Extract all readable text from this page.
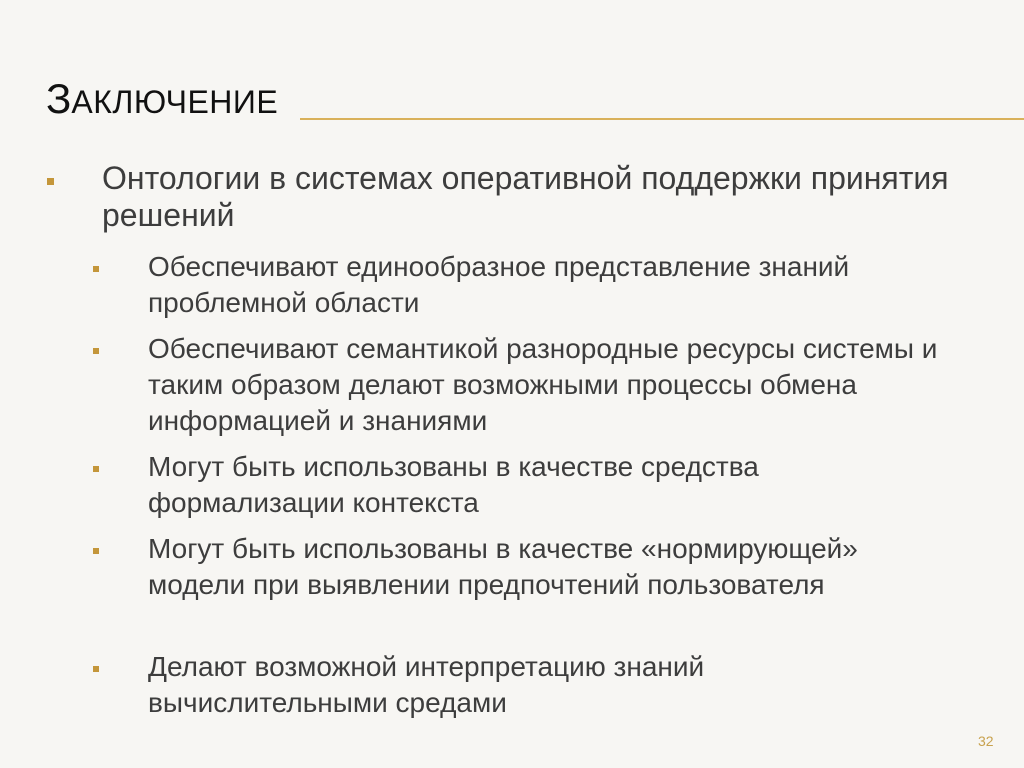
ЗАКЛЮЧЕНИЕ
Онтологии в системах оперативной поддержки принятия решений
Обеспечивают единообразное представление знаний проблемной области
Обеспечивают семантикой разнородные ресурсы системы и таким образом делают возможными процессы обмена информацией и знаниями
Могут быть использованы в качестве средства формализации контекста
Могут быть использованы в качестве «нормирующей» модели при выявлении предпочтений пользователя
Делают возможной интерпретацию знаний вычислительными средами
32
